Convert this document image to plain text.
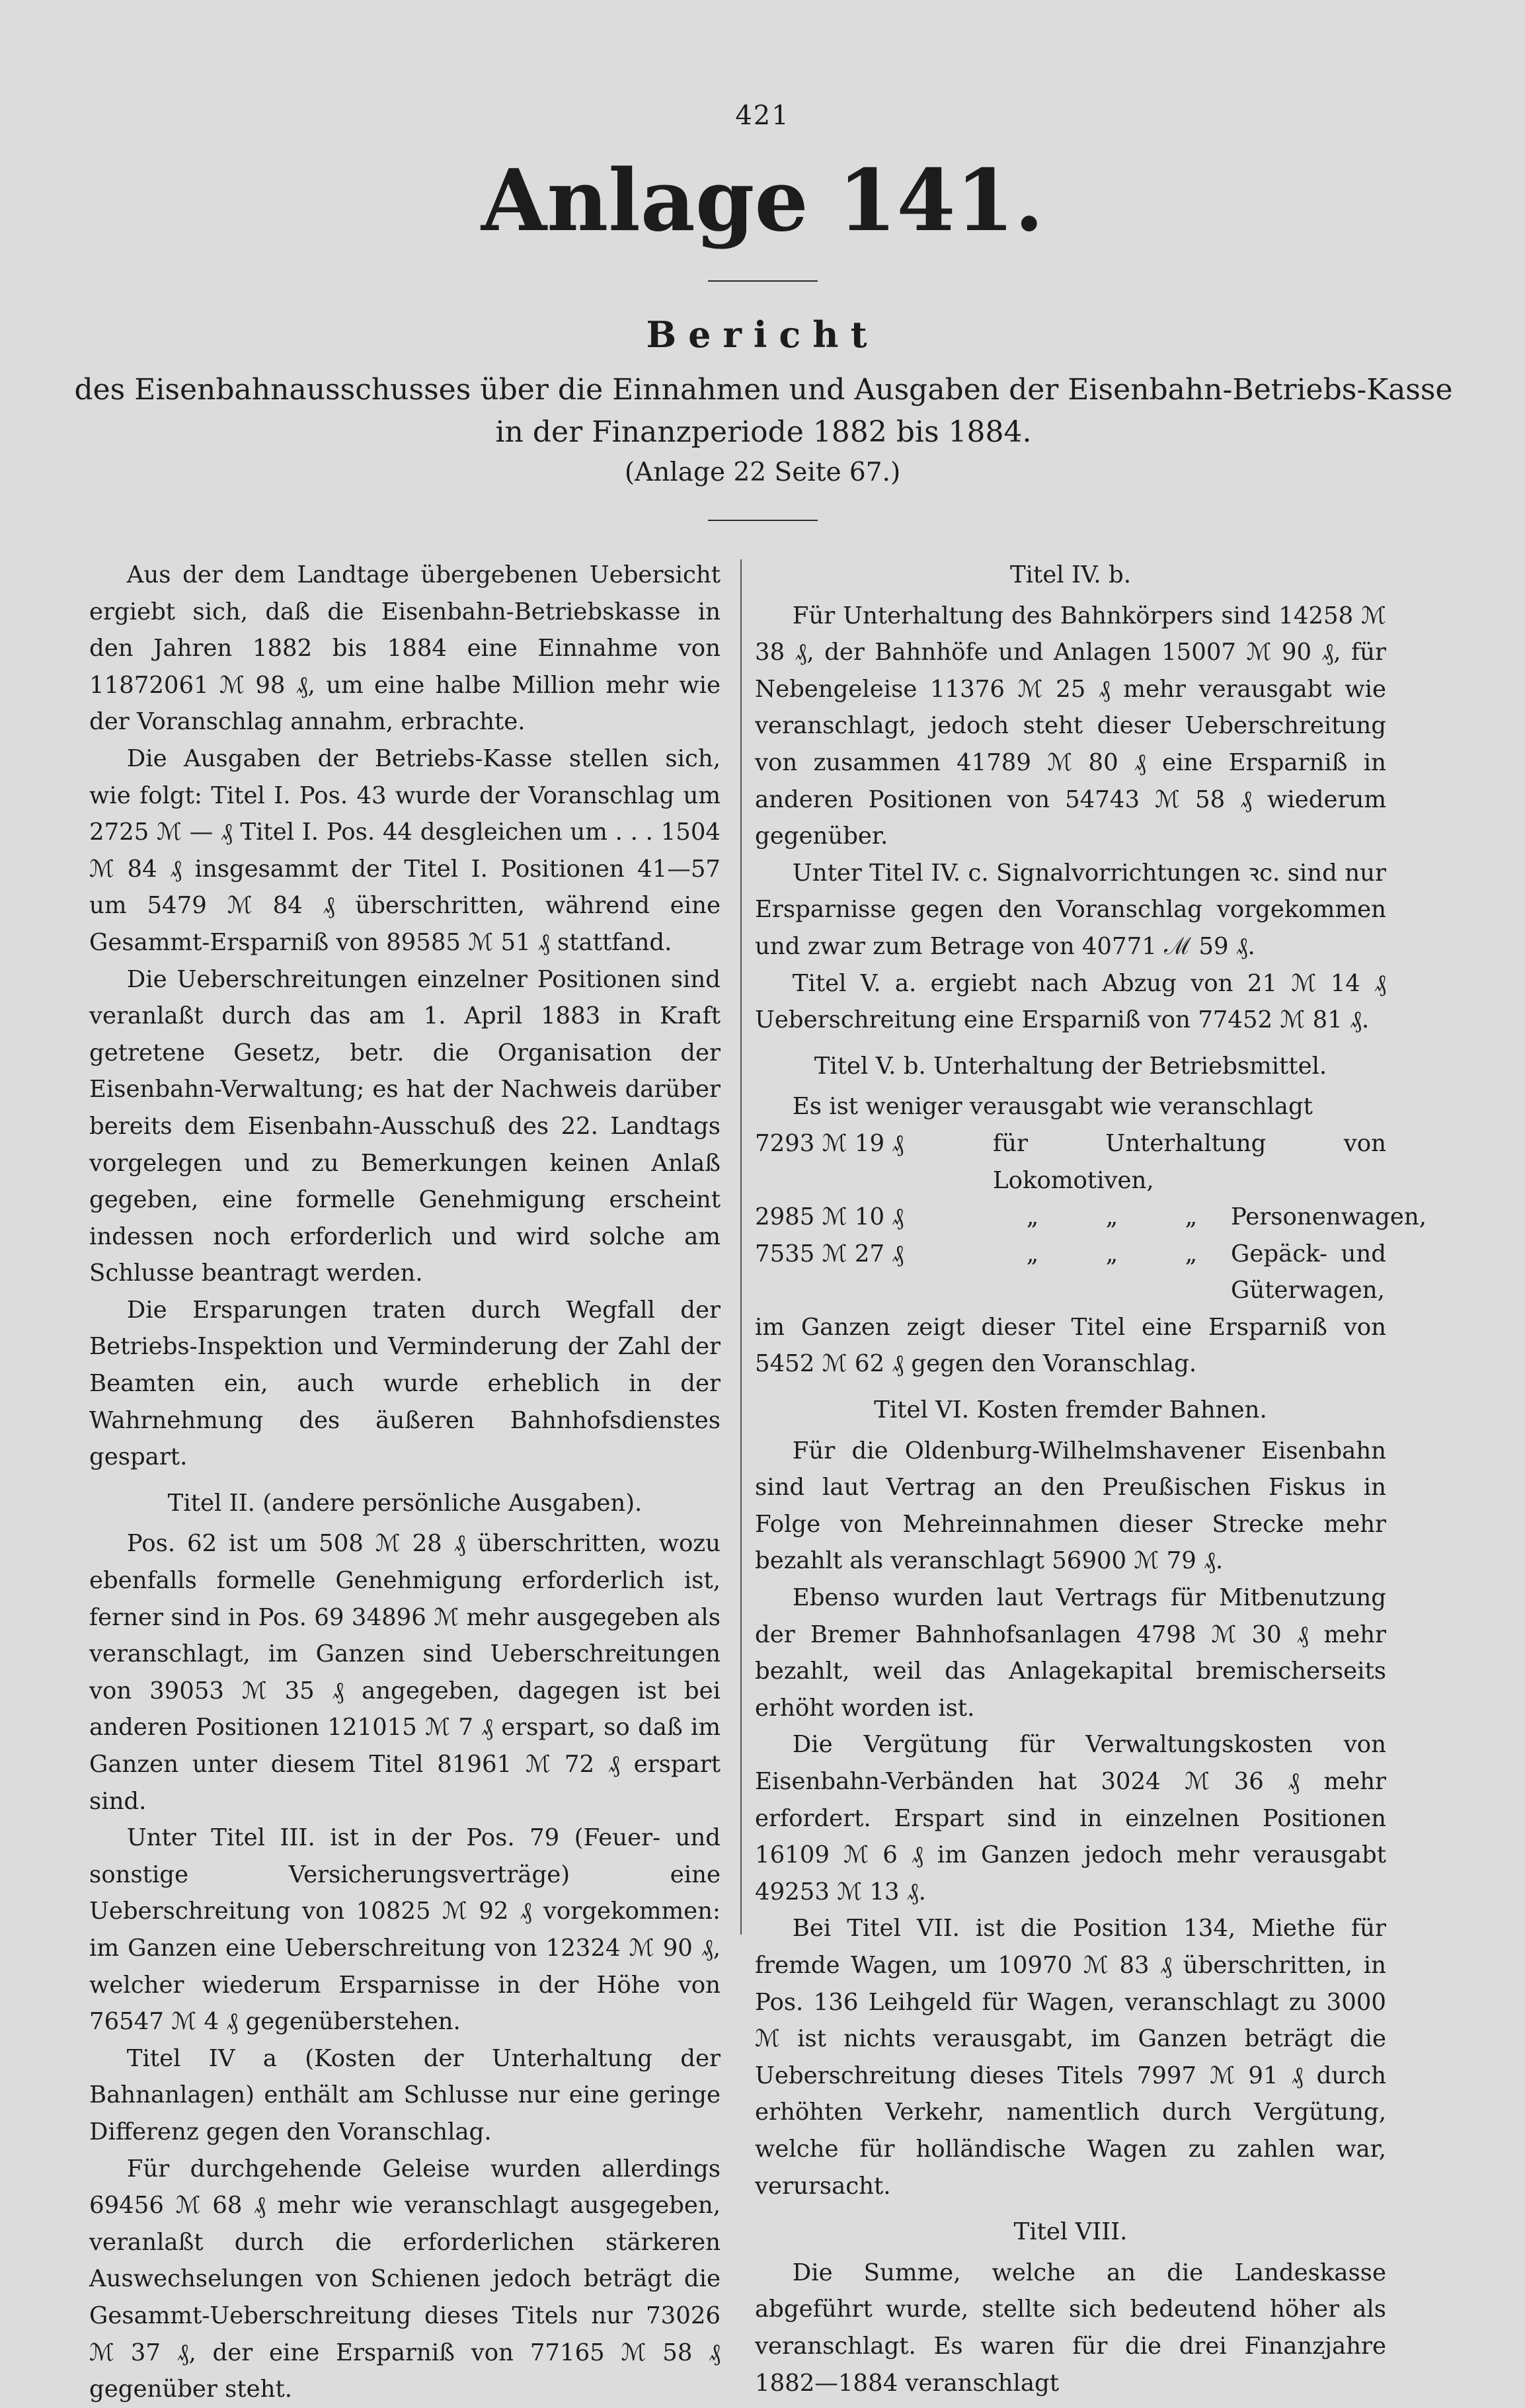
421
Anlage 141.
Bericht
des Eisenbahnausschusses über die Einnahmen und Ausgaben der Eisenbahn-Betriebs-Kasse in der Finanzperiode 1882 bis 1884.
(Anlage 22 Seite 67.)

Aus der dem Landtage übergebenen Uebersicht ergiebt sich, daß die Eisenbahn-Betriebskasse in den Jahren 1882 bis 1884 eine Einnahme von 11872061 ℳ 98 ₰, um eine halbe Million mehr wie der Voranschlag annahm, erbrachte.

Die Ausgaben der Betriebs-Kasse stellen sich, wie folgt: Titel I. Pos. 43 wurde der Voranschlag um 2725 ℳ — ₰ Titel I. Pos. 44 desgleichen um . . . 1504 ℳ 84 ₰ insgesammt der Titel I. Positionen 41—57 um 5479 ℳ 84 ₰ überschritten, während eine Gesammt-Ersparniß von 89585 ℳ 51 ₰ stattfand.

Die Ueberschreitungen einzelner Positionen sind veranlaßt durch das am 1. April 1883 in Kraft getretene Gesetz, betr. die Organisation der Eisenbahn-Verwaltung; es hat der Nachweis darüber bereits dem Eisenbahn-Ausschuß des 22. Landtags vorgelegen und zu Bemerkungen keinen Anlaß gegeben, eine formelle Genehmigung erscheint indessen noch erforderlich und wird solche am Schlusse beantragt werden.

Die Ersparungen traten durch Wegfall der Betriebs-Inspektion und Verminderung der Zahl der Beamten ein, auch wurde erheblich in der Wahrnehmung des äußeren Bahnhofsdienstes gespart.

Titel II. (andere persönliche Ausgaben).

Pos. 62 ist um 508 ℳ 28 ₰ überschritten, wozu ebenfalls formelle Genehmigung erforderlich ist, ferner sind in Pos. 69 34896 ℳ mehr ausgegeben als veranschlagt, im Ganzen sind Ueberschreitungen von 39053 ℳ 35 ₰ angegeben, dagegen ist bei anderen Positionen 121015 ℳ 7 ₰ erspart, so daß im Ganzen unter diesem Titel 81961 ℳ 72 ₰ erspart sind.

Unter Titel III. ist in der Pos. 79 (Feuer- und sonstige Versicherungsverträge) eine Ueberschreitung von 10825 ℳ 92 ₰ vorgekommen: im Ganzen eine Ueberschreitung von 12324 ℳ 90 ₰, welcher wiederum Ersparnisse in der Höhe von 76547 ℳ 4 ₰ gegenüberstehen.

Titel IV a (Kosten der Unterhaltung der Bahnanlagen) enthält am Schlusse nur eine geringe Differenz gegen den Voranschlag.

Für durchgehende Geleise wurden allerdings 69456 ℳ 68 ₰ mehr wie veranschlagt ausgegeben, veranlaßt durch die erforderlichen stärkeren Auswechselungen von Schienen jedoch beträgt die Gesammt-Ueberschreitung dieses Titels nur 73026 ℳ 37 ₰, der eine Ersparniß von 77165 ℳ 58 ₰ gegenüber steht.

Titel IV. b.

Für Unterhaltung des Bahnkörpers sind 14258 ℳ 38 ₰, der Bahnhöfe und Anlagen 15007 ℳ 90 ₰, für Nebengeleise 11376 ℳ 25 ₰ mehr verausgabt wie veranschlagt, jedoch steht dieser Ueberschreitung von zusammen 41789 ℳ 80 ₰ eine Ersparniß in anderen Positionen von 54743 ℳ 58 ₰ wiederum gegenüber.

Unter Titel IV. c. Signalvorrichtungen ꝛc. sind nur Ersparnisse gegen den Voranschlag vorgekommen und zwar zum Betrage von 40771 ℳ 59 ₰.

Titel V. a. ergiebt nach Abzug von 21 ℳ 14 ₰ Ueberschreitung eine Ersparniß von 77452 ℳ 81 ₰.

Titel V. b. Unterhaltung der Betriebsmittel.

Es ist weniger verausgabt wie veranschlagt

7293 ℳ 19 ₰	für Unterhaltung von Lokomotiven,
2985 ℳ 10 ₰	„	„	„	Personenwagen,
7535 ℳ 27 ₰	„	„	„	Gepäck- und Güterwagen,

im Ganzen zeigt dieser Titel eine Ersparniß von 5452 ℳ 62 ₰ gegen den Voranschlag.

Titel VI. Kosten fremder Bahnen.

Für die Oldenburg-Wilhelmshavener Eisenbahn sind laut Vertrag an den Preußischen Fiskus in Folge von Mehreinnahmen dieser Strecke mehr bezahlt als veranschlagt 56900 ℳ 79 ₰.

Ebenso wurden laut Vertrags für Mitbenutzung der Bremer Bahnhofsanlagen 4798 ℳ 30 ₰ mehr bezahlt, weil das Anlagekapital bremischerseits erhöht worden ist.

Die Vergütung für Verwaltungskosten von Eisenbahn-Verbänden hat 3024 ℳ 36 ₰ mehr erfordert. Erspart sind in einzelnen Positionen 16109 ℳ 6 ₰ im Ganzen jedoch mehr verausgabt 49253 ℳ 13 ₰.

Bei Titel VII. ist die Position 134, Miethe für fremde Wagen, um 10970 ℳ 83 ₰ überschritten, in Pos. 136 Leihgeld für Wagen, veranschlagt zu 3000 ℳ ist nichts verausgabt, im Ganzen beträgt die Ueberschreitung dieses Titels 7997 ℳ 91 ₰ durch erhöhten Verkehr, namentlich durch Vergütung, welche für holländische Wagen zu zahlen war, verursacht.

Titel VIII.

Die Summe, welche an die Landeskasse abgeführt wurde, stellte sich bedeutend höher als veranschlagt. Es waren für die drei Finanzjahre 1882—1884 veranschlagt
